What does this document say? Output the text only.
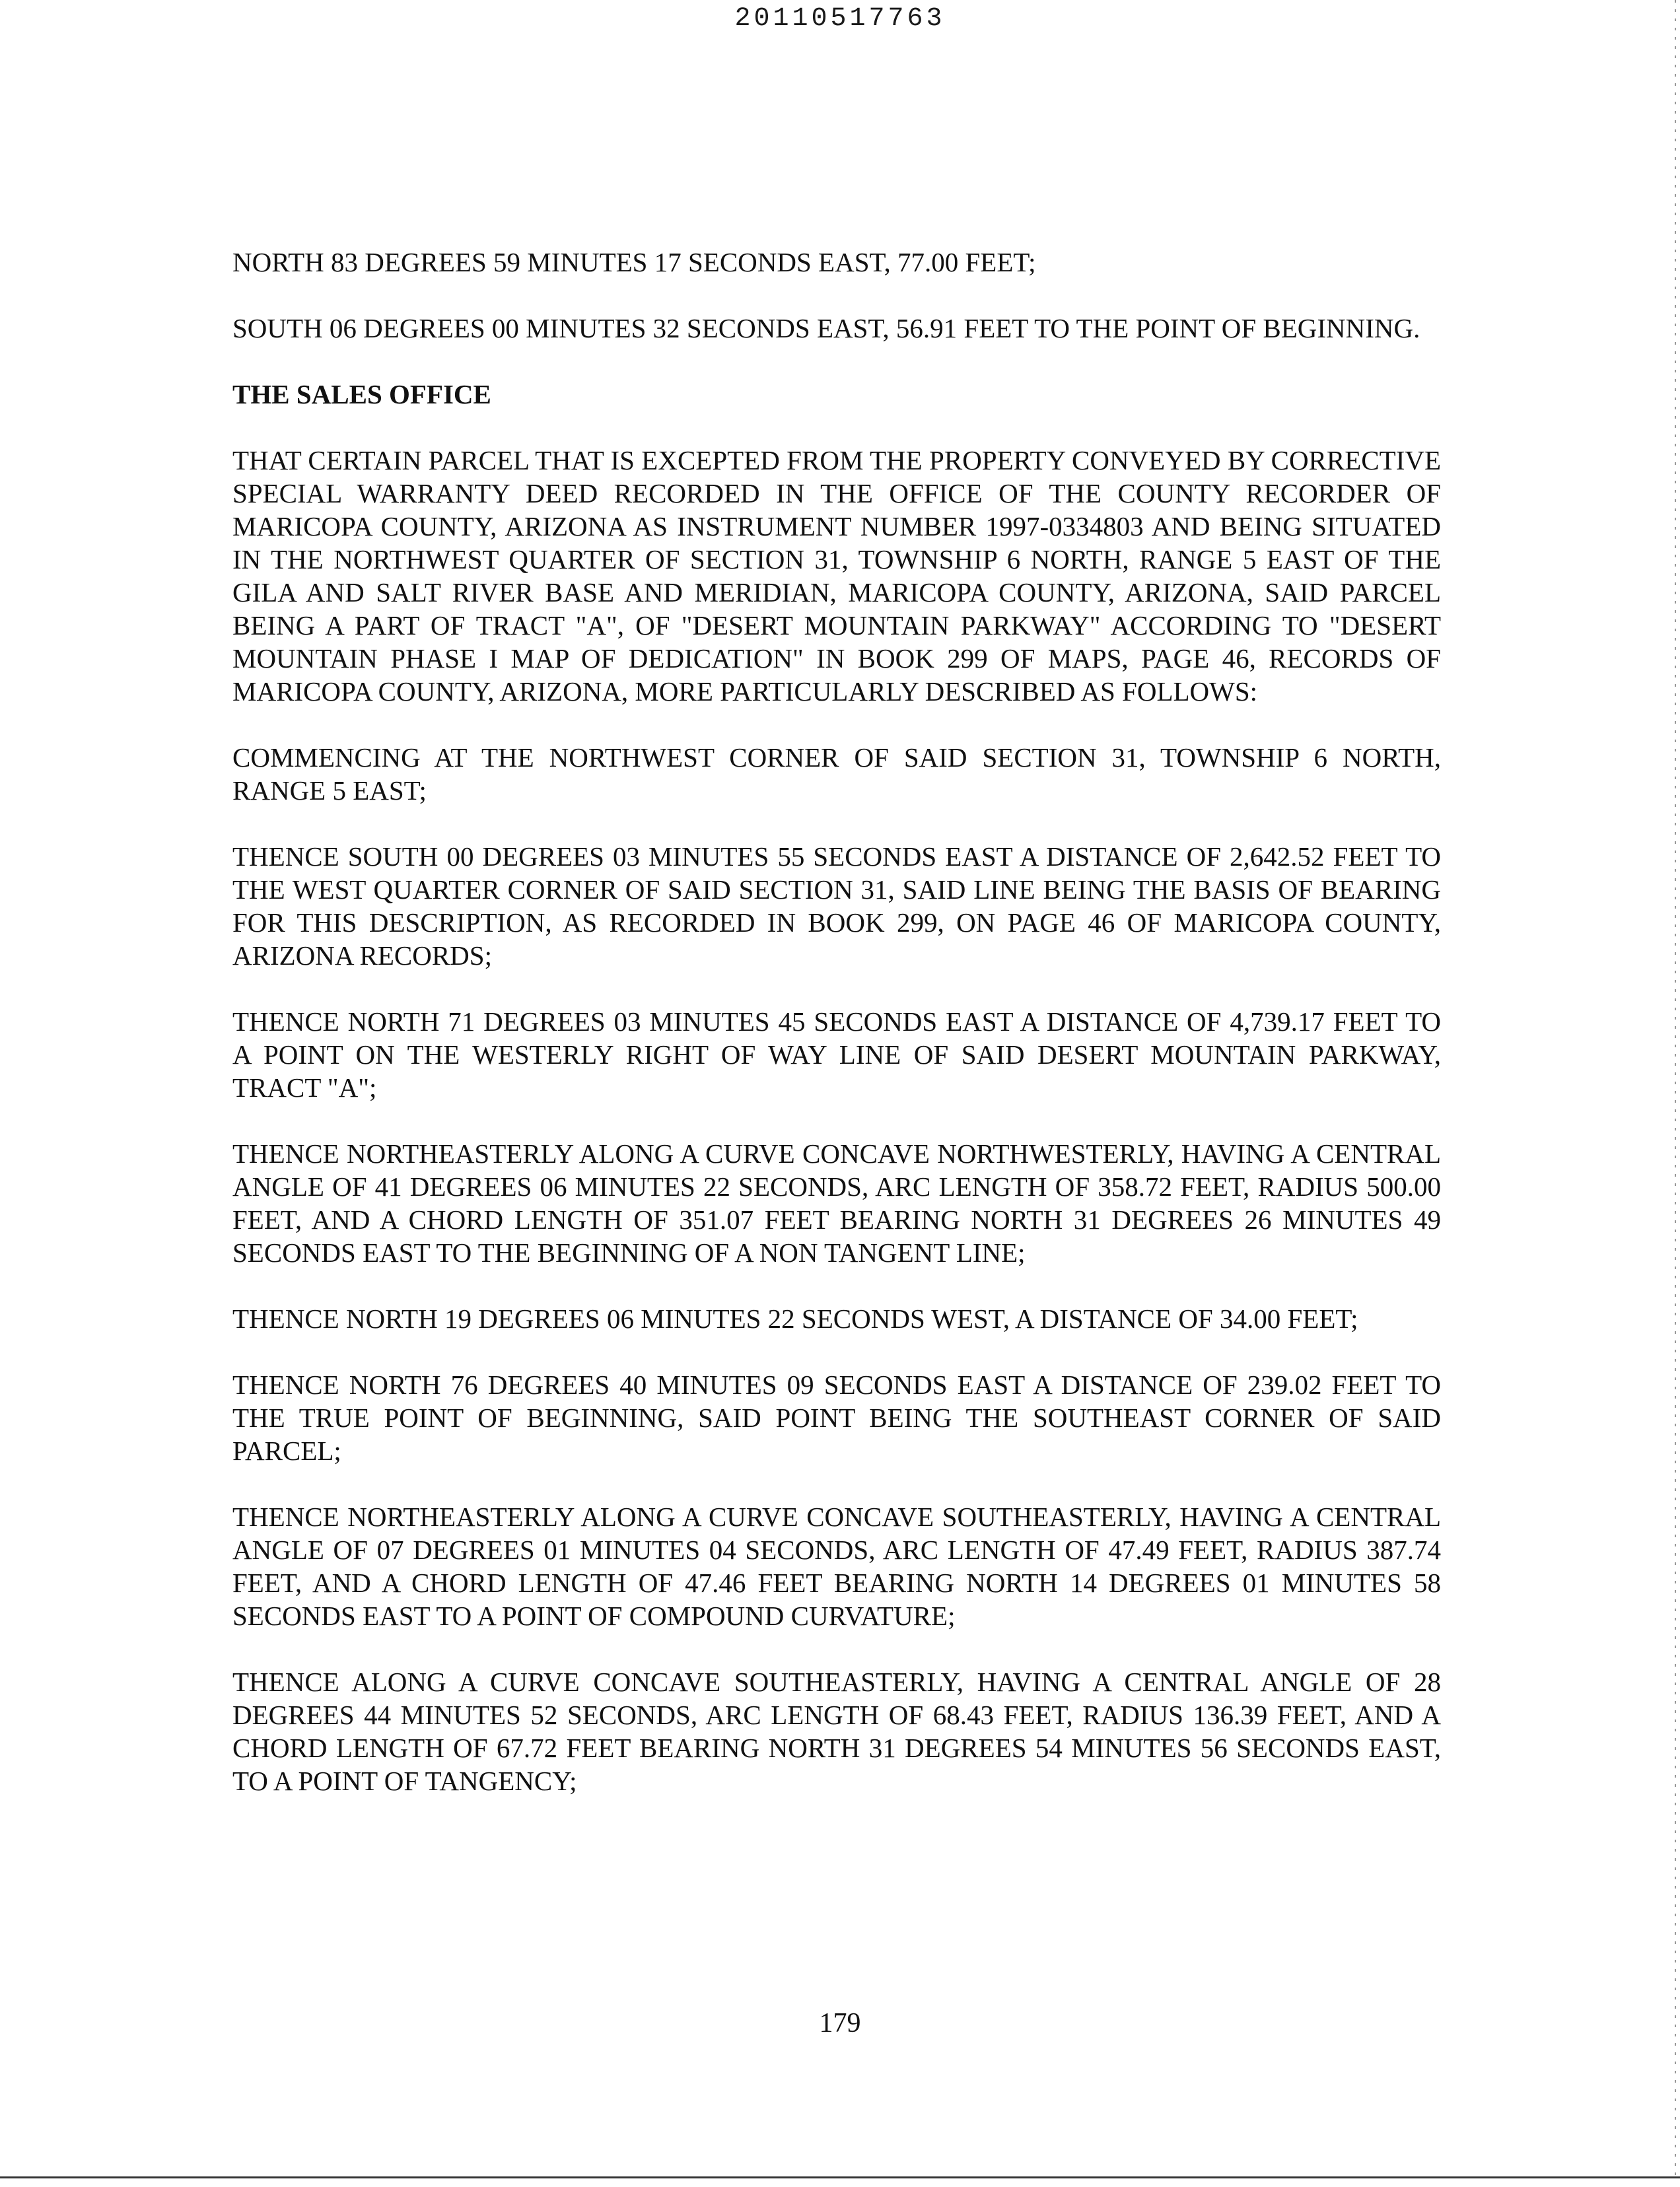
20110517763

NORTH 83 DEGREES 59 MINUTES 17 SECONDS EAST, 77.00 FEET;

SOUTH 06 DEGREES 00 MINUTES 32 SECONDS EAST, 56.91 FEET TO THE POINT OF BEGINNING.

THE SALES OFFICE

THAT CERTAIN PARCEL THAT IS EXCEPTED FROM THE PROPERTY CONVEYED BY CORRECTIVE SPECIAL WARRANTY DEED RECORDED IN THE OFFICE OF THE COUNTY RECORDER OF MARICOPA COUNTY, ARIZONA AS INSTRUMENT NUMBER 1997-0334803 AND BEING SITUATED IN THE NORTHWEST QUARTER OF SECTION 31, TOWNSHIP 6 NORTH, RANGE 5 EAST OF THE GILA AND SALT RIVER BASE AND MERIDIAN, MARICOPA COUNTY, ARIZONA, SAID PARCEL BEING A PART OF TRACT "A", OF "DESERT MOUNTAIN PARKWAY" ACCORDING TO "DESERT MOUNTAIN PHASE I MAP OF DEDICATION" IN BOOK 299 OF MAPS, PAGE 46, RECORDS OF MARICOPA COUNTY, ARIZONA, MORE PARTICULARLY DESCRIBED AS FOLLOWS:

COMMENCING AT THE NORTHWEST CORNER OF SAID SECTION 31, TOWNSHIP 6 NORTH, RANGE 5 EAST;

THENCE SOUTH 00 DEGREES 03 MINUTES 55 SECONDS EAST A DISTANCE OF 2,642.52 FEET TO THE WEST QUARTER CORNER OF SAID SECTION 31, SAID LINE BEING THE BASIS OF BEARING FOR THIS DESCRIPTION, AS RECORDED IN BOOK 299, ON PAGE 46 OF MARICOPA COUNTY, ARIZONA RECORDS;

THENCE NORTH 71 DEGREES 03 MINUTES 45 SECONDS EAST A DISTANCE OF 4,739.17 FEET TO A POINT ON THE WESTERLY RIGHT OF WAY LINE OF SAID DESERT MOUNTAIN PARKWAY, TRACT "A";

THENCE NORTHEASTERLY ALONG A CURVE CONCAVE NORTHWESTERLY, HAVING A CENTRAL ANGLE OF 41 DEGREES 06 MINUTES 22 SECONDS, ARC LENGTH OF 358.72 FEET, RADIUS 500.00 FEET, AND A CHORD LENGTH OF 351.07 FEET BEARING NORTH 31 DEGREES 26 MINUTES 49 SECONDS EAST TO THE BEGINNING OF A NON TANGENT LINE;

THENCE NORTH 19 DEGREES 06 MINUTES 22 SECONDS WEST, A DISTANCE OF 34.00 FEET;

THENCE NORTH 76 DEGREES 40 MINUTES 09 SECONDS EAST A DISTANCE OF 239.02 FEET TO THE TRUE POINT OF BEGINNING, SAID POINT BEING THE SOUTHEAST CORNER OF SAID PARCEL;

THENCE NORTHEASTERLY ALONG A CURVE CONCAVE SOUTHEASTERLY, HAVING A CENTRAL ANGLE OF 07 DEGREES 01 MINUTES 04 SECONDS, ARC LENGTH OF 47.49 FEET, RADIUS 387.74 FEET, AND A CHORD LENGTH OF 47.46 FEET BEARING NORTH 14 DEGREES 01 MINUTES 58 SECONDS EAST TO A POINT OF COMPOUND CURVATURE;

THENCE ALONG A CURVE CONCAVE SOUTHEASTERLY, HAVING A CENTRAL ANGLE OF 28 DEGREES 44 MINUTES 52 SECONDS, ARC LENGTH OF 68.43 FEET, RADIUS 136.39 FEET, AND A CHORD LENGTH OF 67.72 FEET BEARING NORTH 31 DEGREES 54 MINUTES 56 SECONDS EAST, TO A POINT OF TANGENCY;

179
